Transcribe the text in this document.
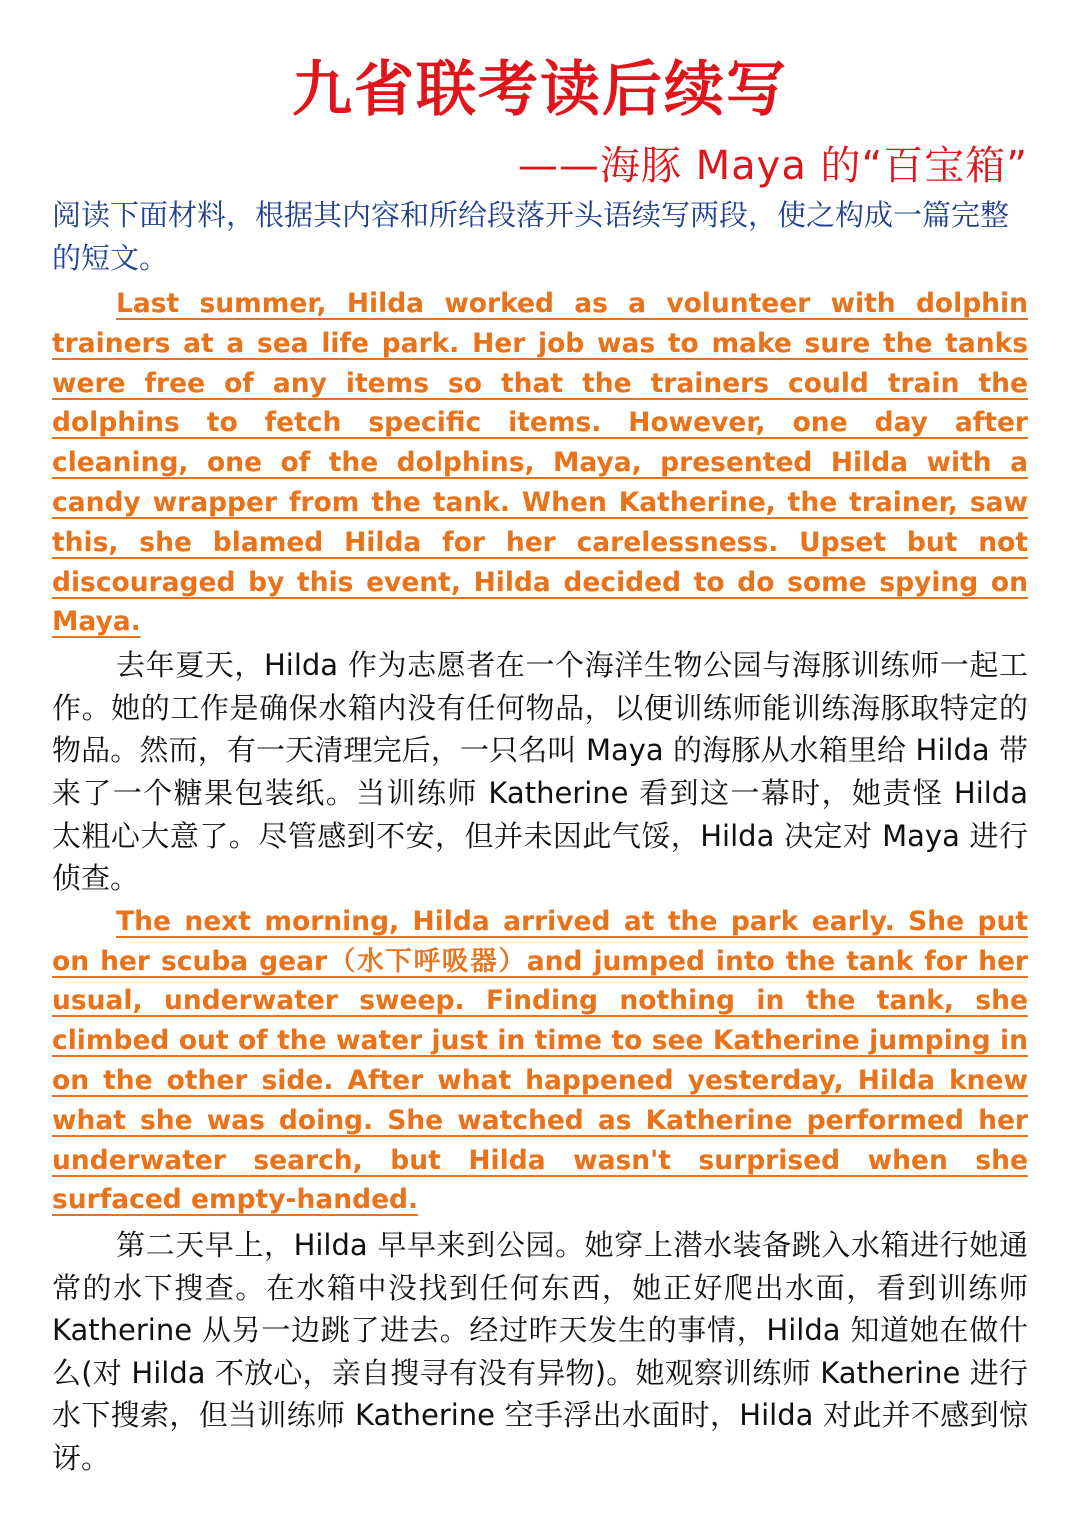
九省联考读后续写
——海豚 Maya 的“百宝箱”

阅读下面材料，根据其内容和所给段落开头语续写两段，使之构成一篇完整的短文。

Last summer, Hilda worked as a volunteer with dolphin trainers at a sea life park. Her job was to make sure the tanks were free of any items so that the trainers could train the dolphins to fetch specific items. However, one day after cleaning, one of the dolphins, Maya, presented Hilda with a candy wrapper from the tank. When Katherine, the trainer, saw this, she blamed Hilda for her carelessness. Upset but not discouraged by this event, Hilda decided to do some spying on Maya.

去年夏天，Hilda 作为志愿者在一个海洋生物公园与海豚训练师一起工作。她的工作是确保水箱内没有任何物品，以便训练师能训练海豚取特定的物品。然而，有一天清理完后，一只名叫 Maya 的海豚从水箱里给 Hilda 带来了一个糖果包装纸。当训练师 Katherine 看到这一幕时，她责怪 Hilda 太粗心大意了。尽管感到不安，但并未因此气馁，Hilda 决定对 Maya 进行侦查。

The next morning, Hilda arrived at the park early. She put on her scuba gear（水下呼吸器）and jumped into the tank for her usual, underwater sweep. Finding nothing in the tank, she climbed out of the water just in time to see Katherine jumping in on the other side. After what happened yesterday, Hilda knew what she was doing. She watched as Katherine performed her underwater search, but Hilda wasn't surprised when she surfaced empty-handed.

第二天早上，Hilda 早早来到公园。她穿上潜水装备跳入水箱进行她通常的水下搜查。在水箱中没找到任何东西，她正好爬出水面，看到训练师 Katherine 从另一边跳了进去。经过昨天发生的事情，Hilda 知道她在做什么(对 Hilda 不放心，亲自搜寻有没有异物)。她观察训练师 Katherine 进行水下搜索，但当训练师 Katherine 空手浮出水面时，Hilda 对此并不感到惊讶。
